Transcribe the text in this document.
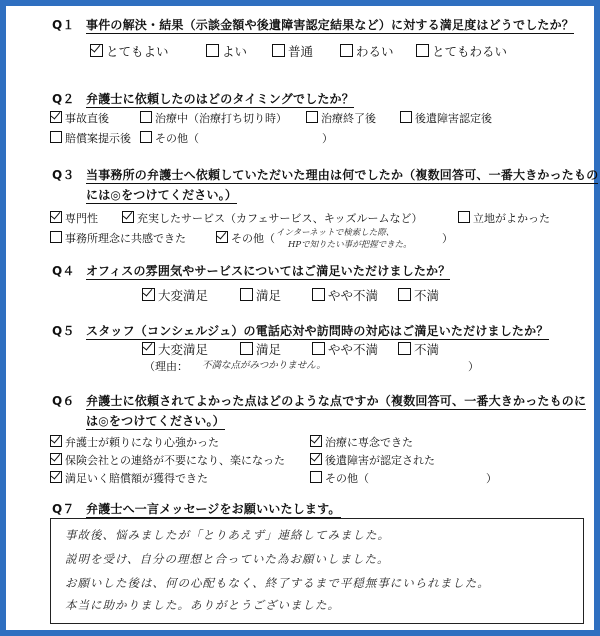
Q１ 事件の解決・結果（示談金額や後遺障害認定結果など）に対する満足度はどうでしたか？
とてもよい	よい	普通	わるい	とてもわるい
Q２ 弁護士に依頼したのはどのタイミングでしたか？
事故直後	治療中（治療打ち切り時）	治療終了後	後遺障害認定後
賠償案提示後	その他（	）
Q３ 当事務所の弁護士へ依頼していただいた理由は何でしたか（複数回答可、一番大きかったもの
には◎をつけてください。）
専門性	充実したサービス（カフェサービス、キッズルームなど）	立地がよかった
事務所理念に共感できた	その他（ インターネットで検索した際、
HPで知りたい事が把握できた。	）
Q４ オフィスの雰囲気やサービスについてはご満足いただけましたか？
大変満足	満足	やや不満	不満
Q５ スタッフ（コンシェルジュ）の電話応対や訪問時の対応はご満足いただけましたか？
大変満足	満足	やや不満	不満
（理由： 不満な点がみつかりません。	）
Q６ 弁護士に依頼されてよかった点はどのような点ですか（複数回答可、一番大きかったものに
は◎をつけてください。）
弁護士が頼りになり心強かった	治療に専念できた
保険会社との連絡が不要になり、楽になった	後遺障害が認定された
満足いく賠償額が獲得できた	その他（	）
Q７ 弁護士へ一言メッセージをお願いいたします。
事故後、悩みましたが「とりあえず」連絡してみました。
説明を受け、自分の理想と合っていた為お願いしました。
お願いした後は、何の心配もなく、終了するまで平穏無事にいられました。
本当に助かりました。ありがとうございました。
